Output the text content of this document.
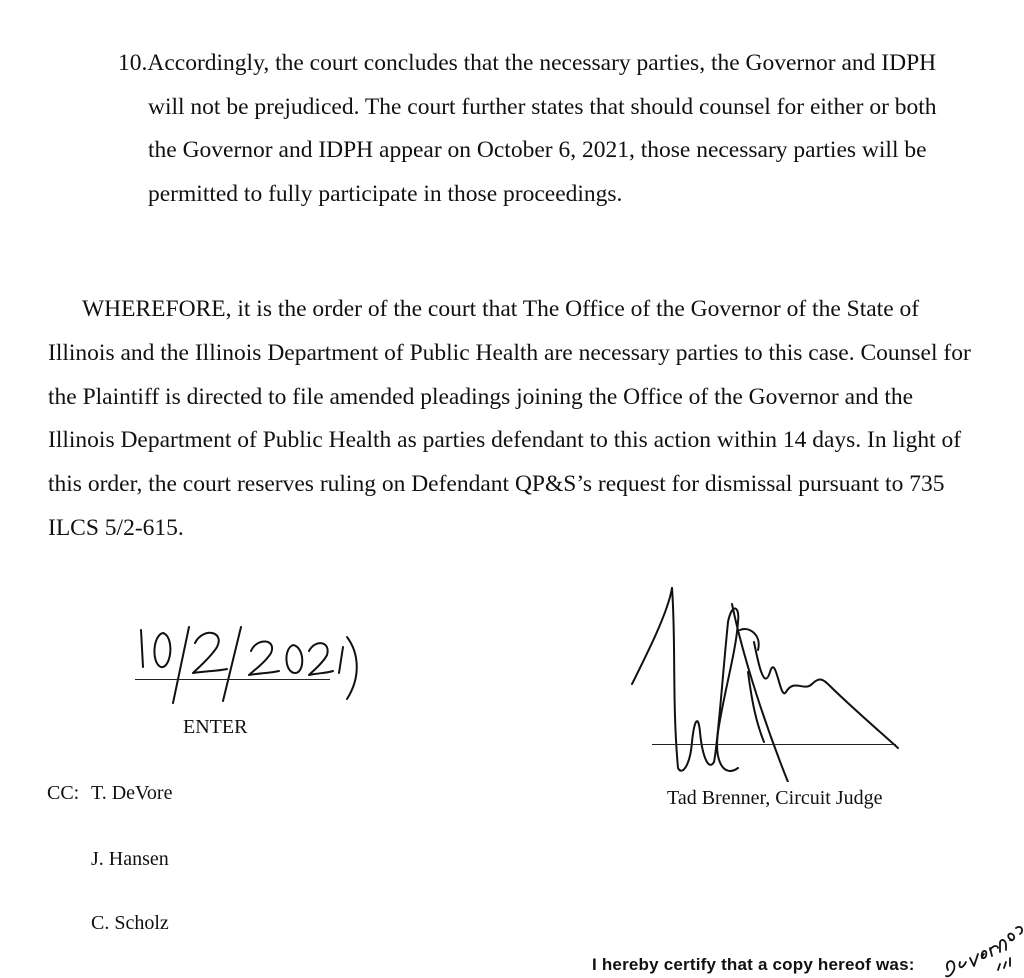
10.Accordingly, the court concludes that the necessary parties, the Governor and IDPH will not be prejudiced. The court further states that should counsel for either or both the Governor and IDPH appear on October 6, 2021, those necessary parties will be permitted to fully participate in those proceedings.
WHEREFORE, it is the order of the court that The Office of the Governor of the State of Illinois and the Illinois Department of Public Health are necessary parties to this case. Counsel for the Plaintiff is directed to file amended pleadings joining the Office of the Governor and the Illinois Department of Public Health as parties defendant to this action within 14 days. In light of this order, the court reserves ruling on Defendant QP&S’s request for dismissal pursuant to 735 ILCS 5/2-615.
ENTER
CC: T. DeVore
J. Hansen
C. Scholz
Tad Brenner, Circuit Judge
I hereby certify that a copy hereof was:
